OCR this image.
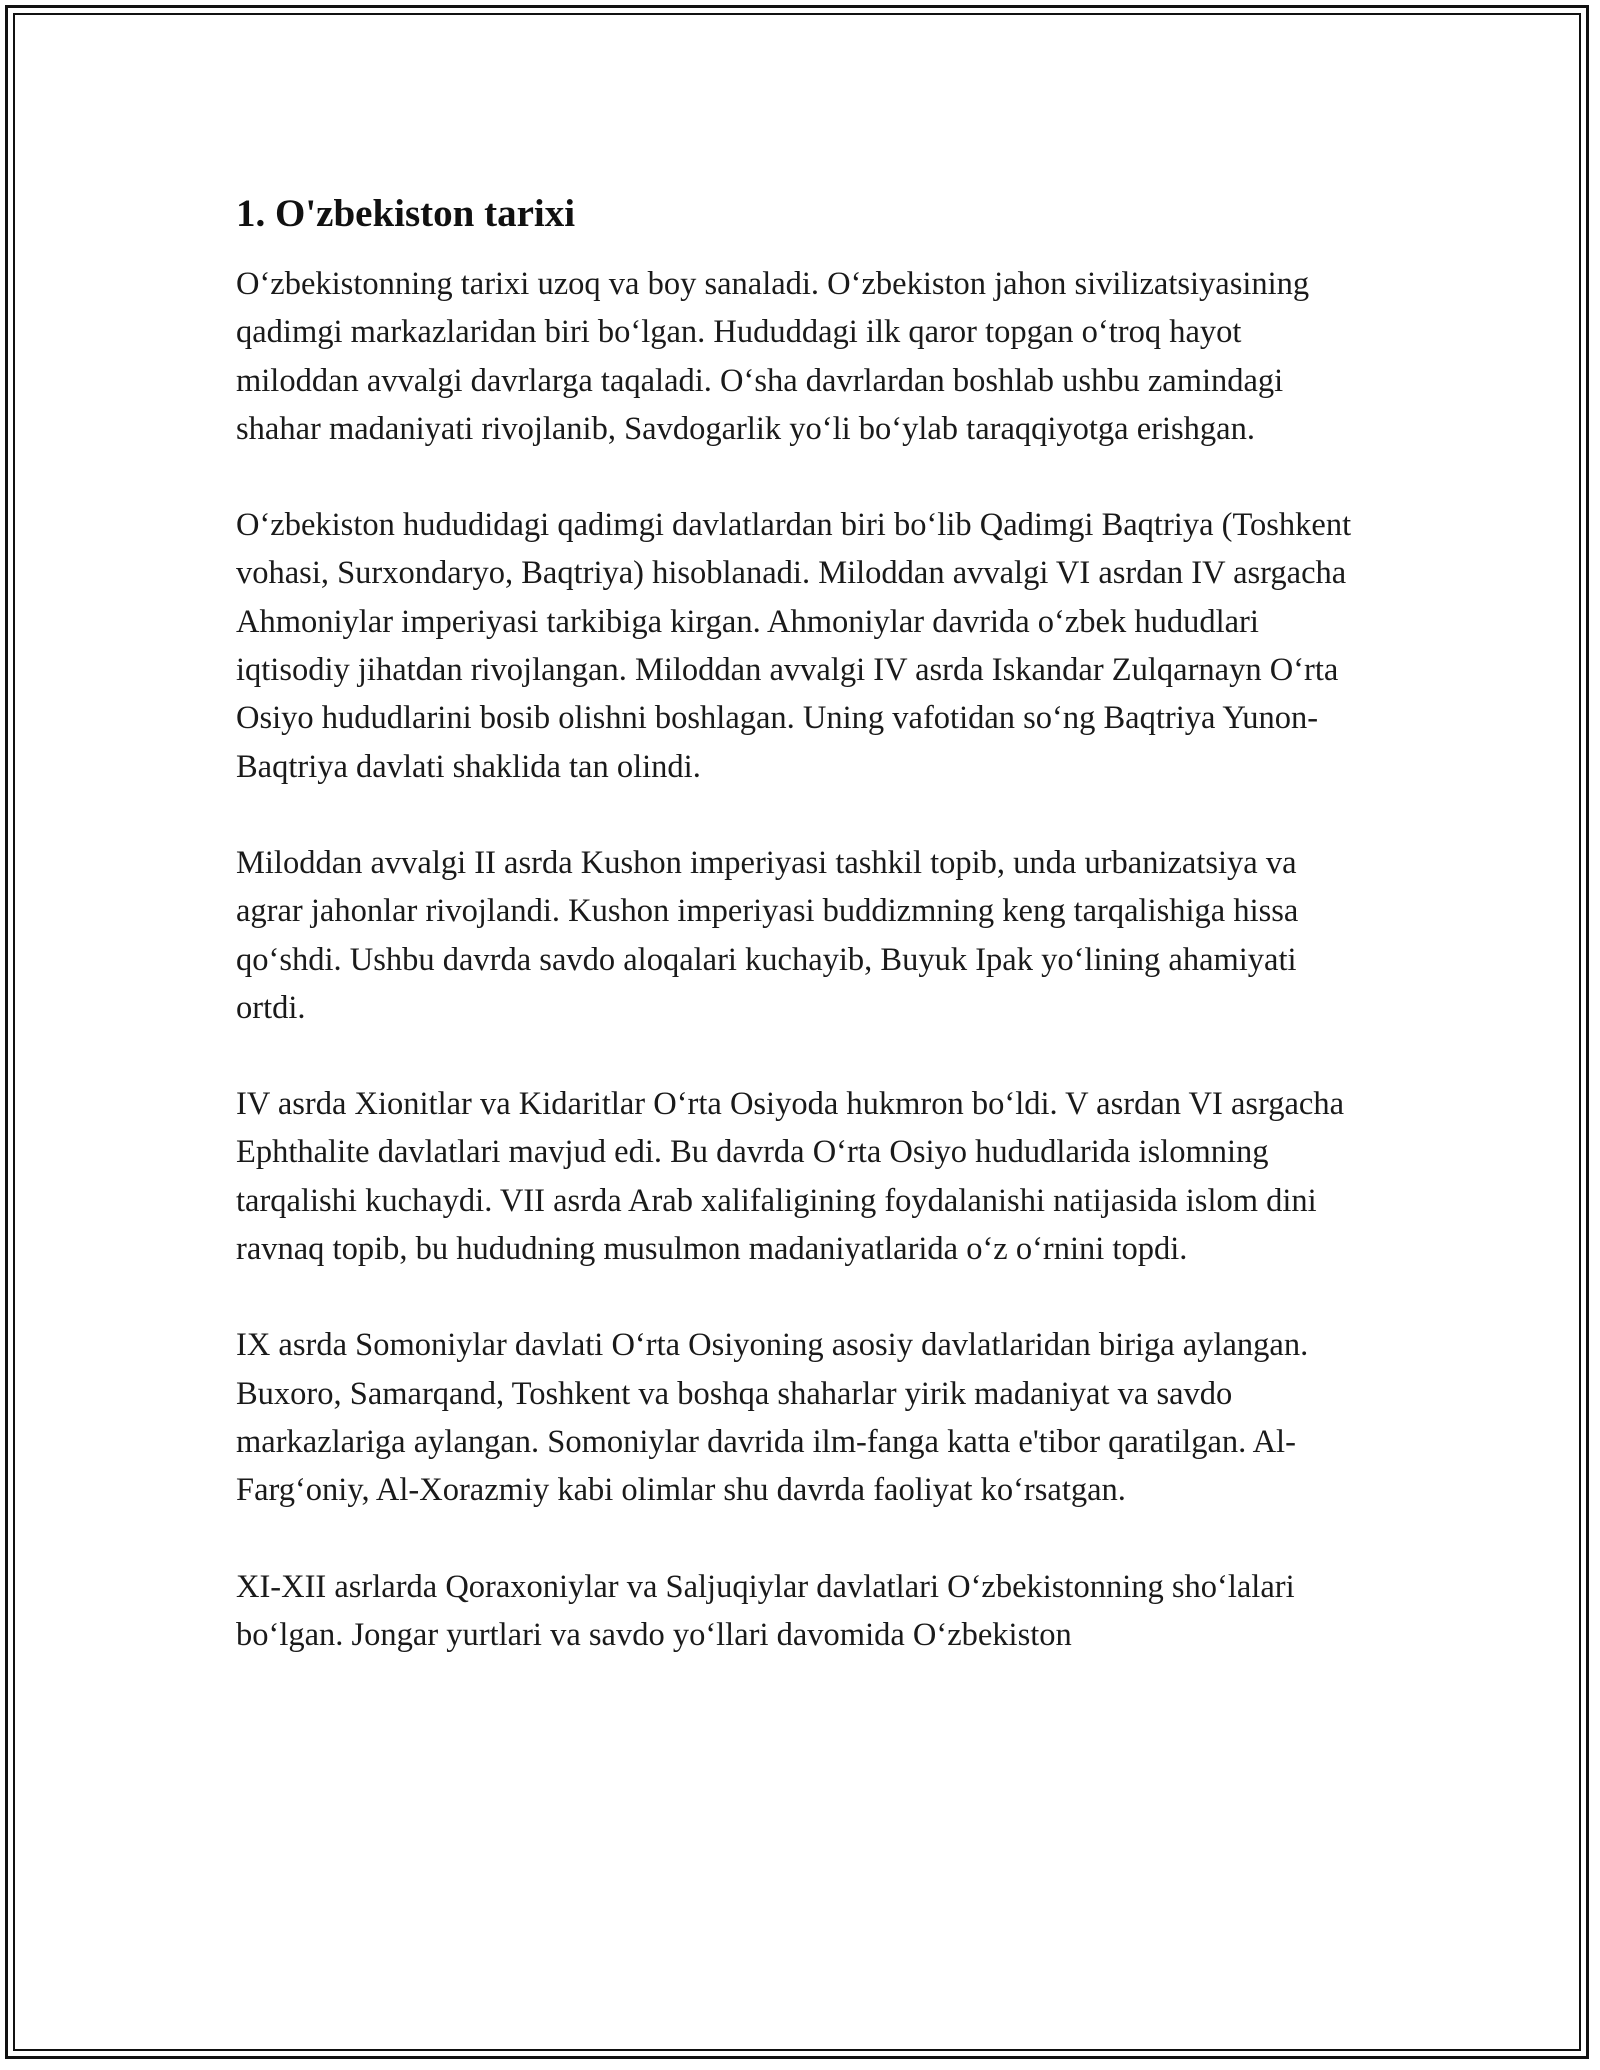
1. O'zbekiston tarixi

O‘zbekistonning tarixi uzoq va boy sanaladi. O‘zbekiston jahon sivilizatsiyasining qadimgi markazlaridan biri bo‘lgan. Hududdagi ilk qaror topgan o‘troq hayot miloddan avvalgi davrlarga taqaladi. O‘sha davrlardan boshlab ushbu zamindagi shahar madaniyati rivojlanib, Savdogarlik yo‘li bo‘ylab taraqqiyotga erishgan.

O‘zbekiston hududidagi qadimgi davlatlardan biri bo‘lib Qadimgi Baqtriya (Toshkent vohasi, Surxondaryo, Baqtriya) hisoblanadi. Miloddan avvalgi VI asrdan IV asrgacha Ahmoniylar imperiyasi tarkibiga kirgan. Ahmoniylar davrida o‘zbek hududlari iqtisodiy jihatdan rivojlangan. Miloddan avvalgi IV asrda Iskandar Zulqarnayn O‘rta Osiyo hududlarini bosib olishni boshlagan. Uning vafotidan so‘ng Baqtriya Yunon-Baqtriya davlati shaklida tan olindi.

Miloddan avvalgi II asrda Kushon imperiyasi tashkil topib, unda urbanizatsiya va agrar jahonlar rivojlandi. Kushon imperiyasi buddizmning keng tarqalishiga hissa qo‘shdi. Ushbu davrda savdo aloqalari kuchayib, Buyuk Ipak yo‘lining ahamiyati ortdi.

IV asrda Xionitlar va Kidaritlar O‘rta Osiyoda hukmron bo‘ldi. V asrdan VI asrgacha Ephthalite davlatlari mavjud edi. Bu davrda O‘rta Osiyo hududlarida islomning tarqalishi kuchaydi. VII asrda Arab xalifaligining foydalanishi natijasida islom dini ravnaq topib, bu hududning musulmon madaniyatlarida o‘z o‘rnini topdi.

IX asrda Somoniylar davlati O‘rta Osiyoning asosiy davlatlaridan biriga aylangan. Buxoro, Samarqand, Toshkent va boshqa shaharlar yirik madaniyat va savdo markazlariga aylangan. Somoniylar davrida ilm-fanga katta e'tibor qaratilgan. Al-Farg‘oniy, Al-Xorazmiy kabi olimlar shu davrda faoliyat ko‘rsatgan.

XI-XII asrlarda Qoraxoniylar va Saljuqiylar davlatlari O‘zbekistonning sho‘lalari bo‘lgan. Jongar yurtlari va savdo yo‘llari davomida O‘zbekiston
